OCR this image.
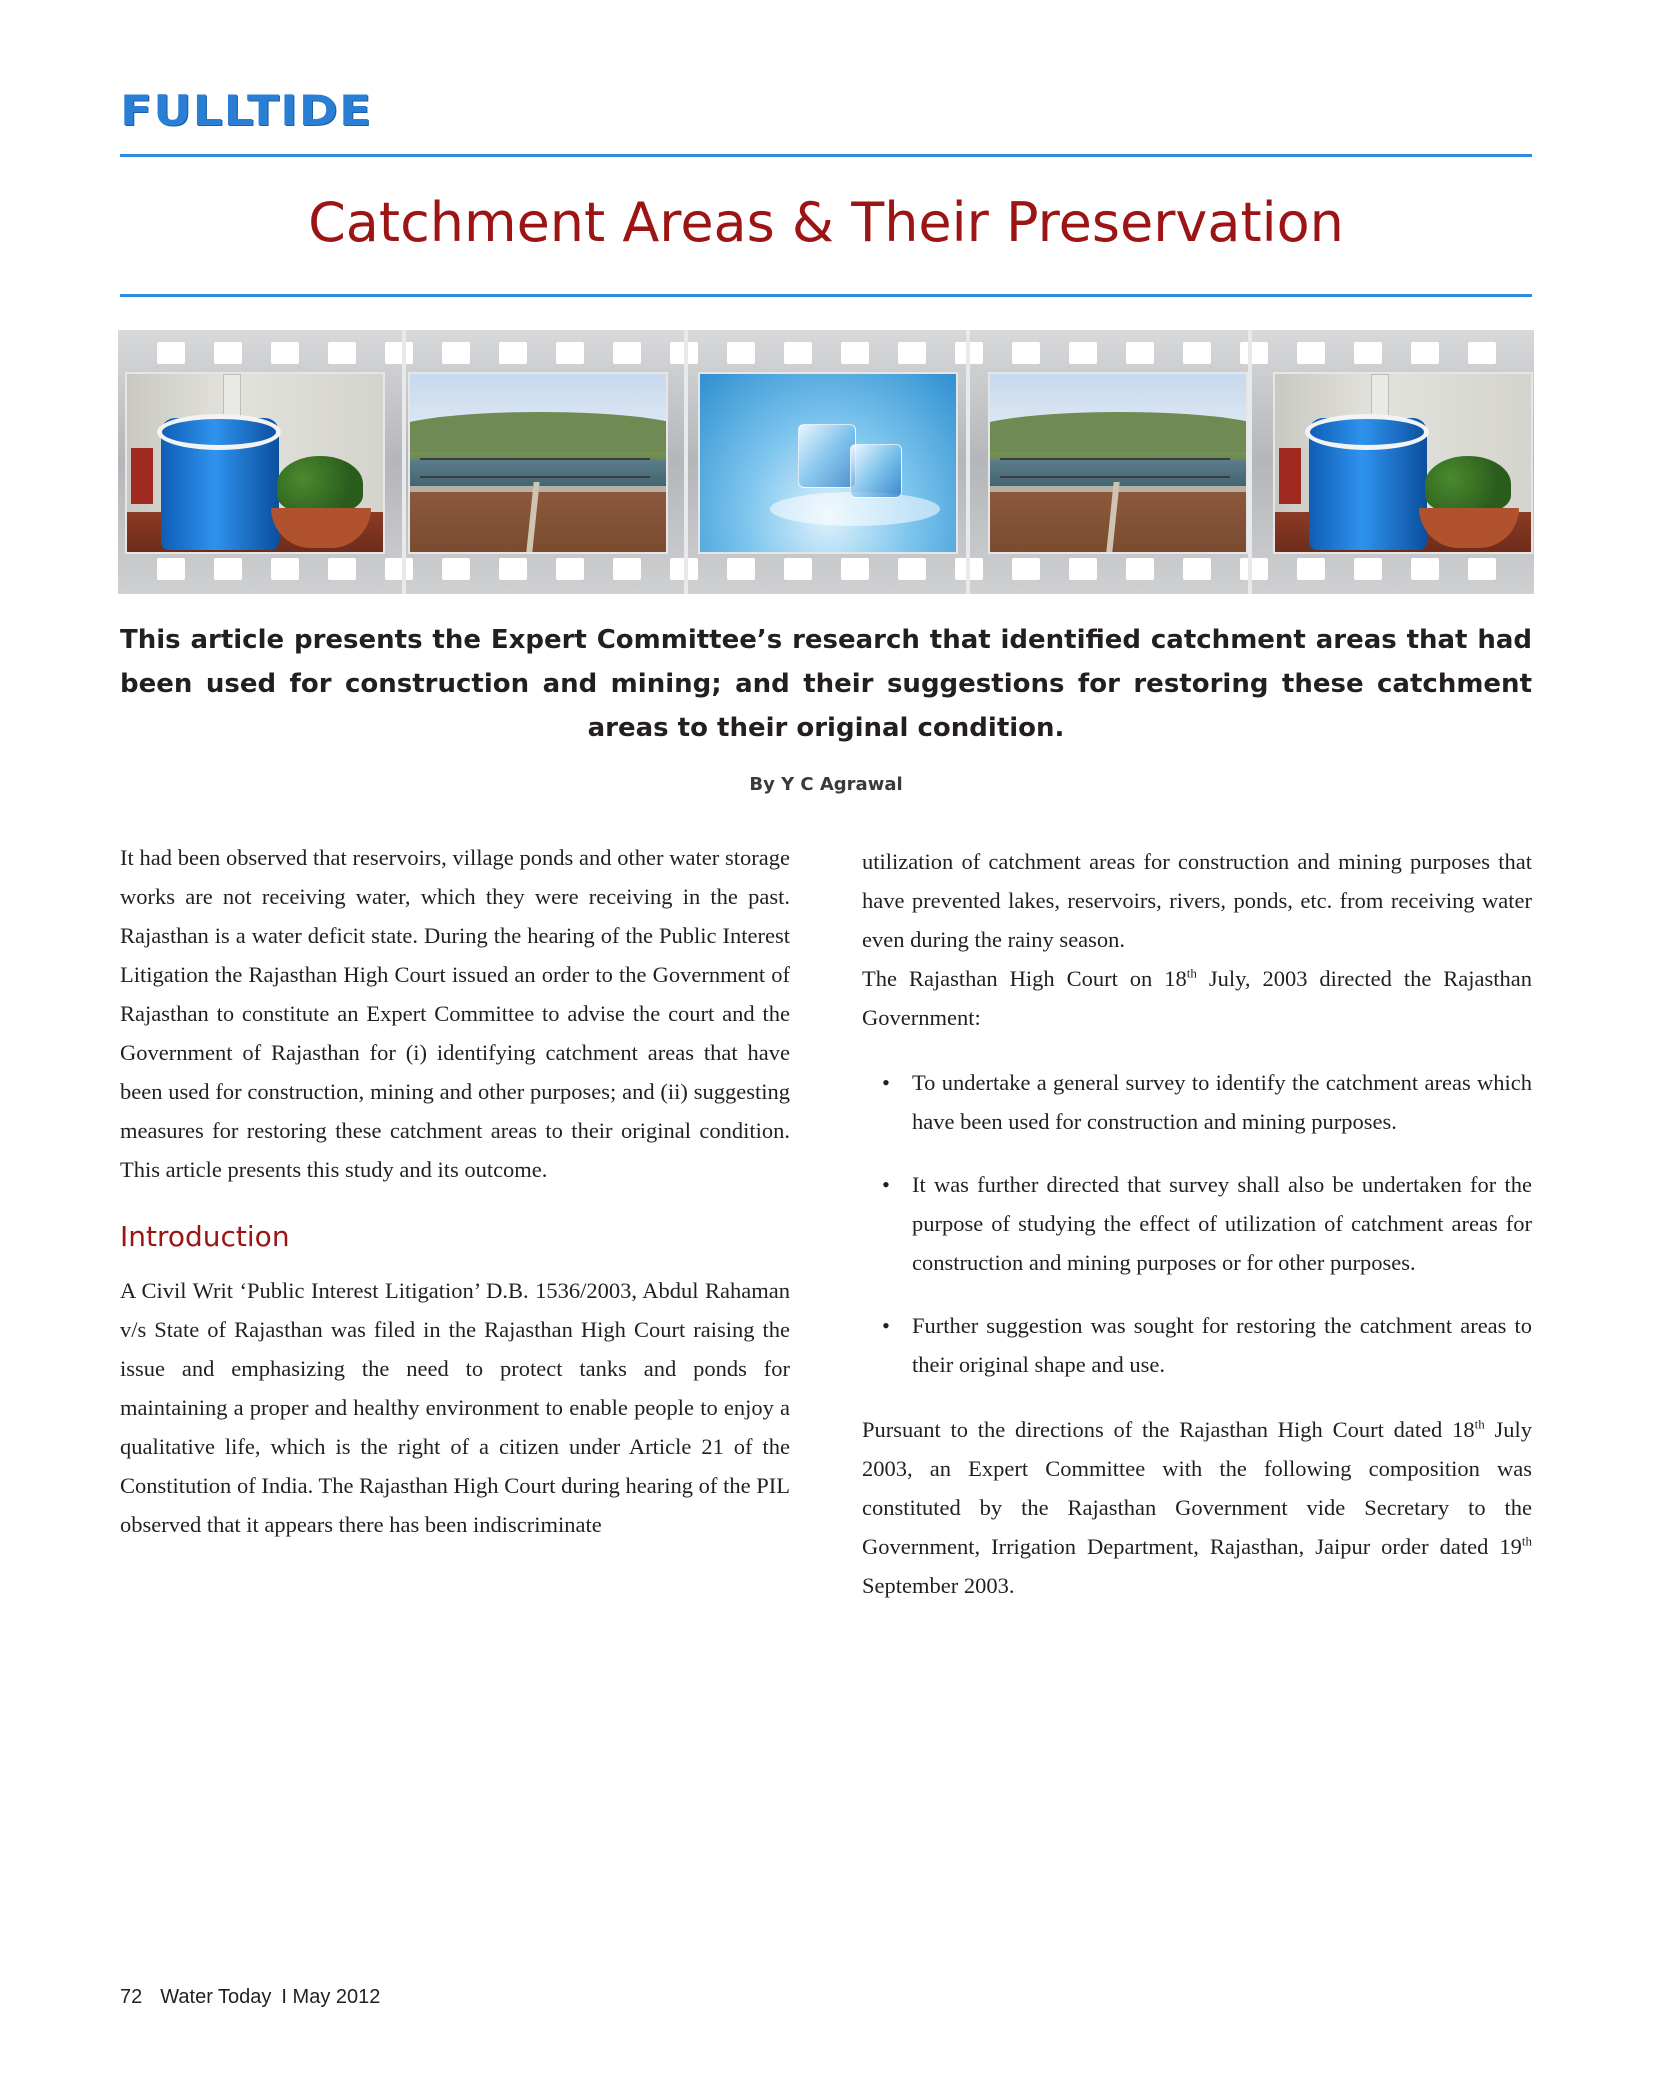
FULLTIDE
Catchment Areas & Their Preservation
This article presents the Expert Committee’s research that identified catchment areas that had been used for construction and mining; and their suggestions for restoring these catchment areas to their original condition.
By Y C Agrawal

It had been observed that reservoirs, village ponds and other water storage works are not receiving water, which they were receiving in the past. Rajasthan is a water deficit state. During the hearing of the Public Interest Litigation the Rajasthan High Court issued an order to the Government of Rajasthan to constitute an Expert Committee to advise the court and the Government of Rajasthan for (i) identifying catchment areas that have been used for construction, mining and other purposes; and (ii) suggesting measures for restoring these catchment areas to their original condition. This article presents this study and its outcome.

Introduction

A Civil Writ ‘Public Interest Litigation’ D.B. 1536/2003, Abdul Rahaman v/s State of Rajasthan was filed in the Rajasthan High Court raising the issue and emphasizing the need to protect tanks and ponds for maintaining a proper and healthy environment to enable people to enjoy a qualitative life, which is the right of a citizen under Article 21 of the Constitution of India. The Rajasthan High Court during hearing of the PIL observed that it appears there has been indiscriminate

utilization of catchment areas for construction and mining purposes that have prevented lakes, reservoirs, rivers, ponds, etc. from receiving water even during the rainy season.

The Rajasthan High Court on 18th July, 2003 directed the Rajasthan Government:

• To undertake a general survey to identify the catchment areas which have been used for construction and mining purposes.
• It was further directed that survey shall also be undertaken for the purpose of studying the effect of utilization of catchment areas for construction and mining purposes or for other purposes.
• Further suggestion was sought for restoring the catchment areas to their original shape and use.

Pursuant to the directions of the Rajasthan High Court dated 18th July 2003, an Expert Committee with the following composition was constituted by the Rajasthan Government vide Secretary to the Government, Irrigation Department, Rajasthan, Jaipur order dated 19th September 2003.

72 Water Today I May 2012
